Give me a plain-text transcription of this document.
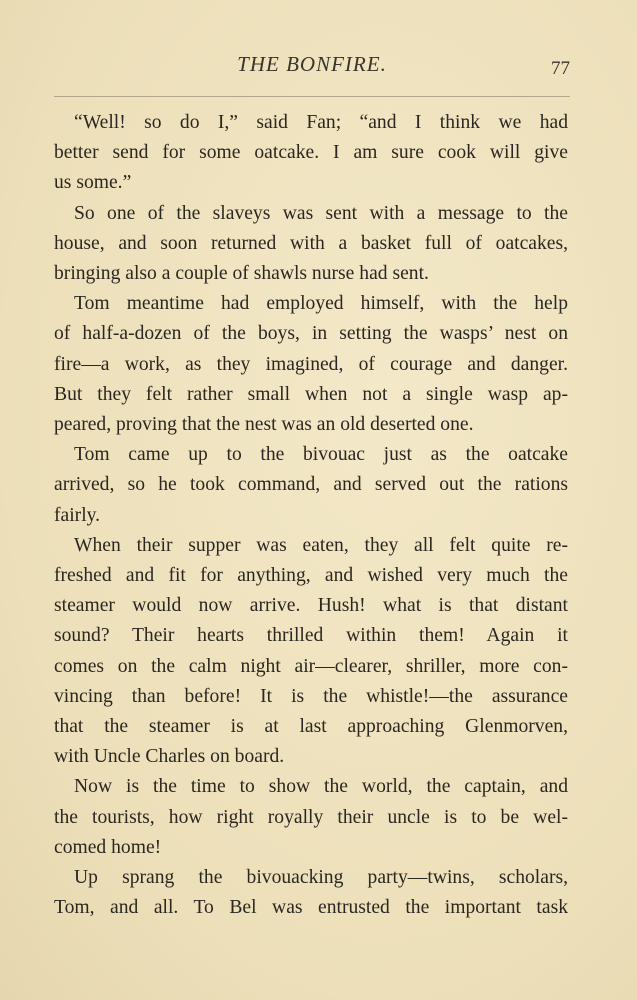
THE BONFIRE.	77

“Well! so do I,” said Fan; “and I think we had
better send for some oatcake. I am sure cook will give
us some.”

So one of the slaveys was sent with a message to the
house, and soon returned with a basket full of oatcakes,
bringing also a couple of shawls nurse had sent.

Tom meantime had employed himself, with the help
of half-a-dozen of the boys, in setting the wasps’ nest on
fire—a work, as they imagined, of courage and danger.
But they felt rather small when not a single wasp ap-
peared, proving that the nest was an old deserted one.

Tom came up to the bivouac just as the oatcake
arrived, so he took command, and served out the rations
fairly.

When their supper was eaten, they all felt quite re-
freshed and fit for anything, and wished very much the
steamer would now arrive. Hush! what is that distant
sound? Their hearts thrilled within them! Again it
comes on the calm night air—clearer, shriller, more con-
vincing than before! It is the whistle!—the assurance
that the steamer is at last approaching Glenmorven,
with Uncle Charles on board.

Now is the time to show the world, the captain, and
the tourists, how right royally their uncle is to be wel-
comed home!

Up sprang the bivouacking party—twins, scholars,
Tom, and all. To Bel was entrusted the important task
